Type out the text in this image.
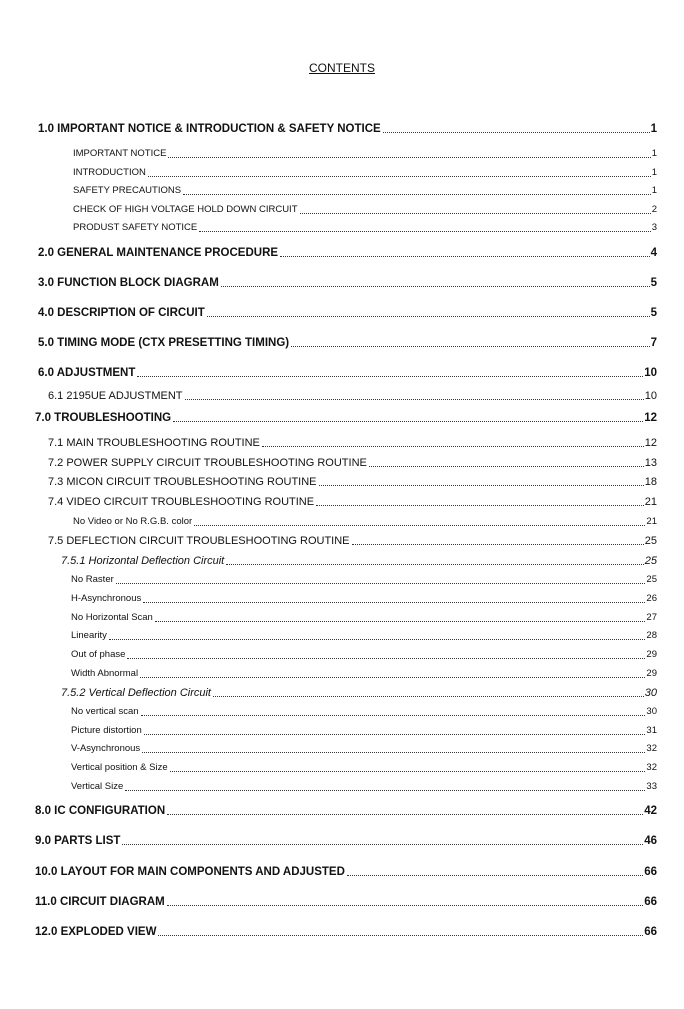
CONTENTS
1.0 IMPORTANT NOTICE & INTRODUCTION & SAFETY NOTICE	1
IMPORTANT NOTICE	1
INTRODUCTION	1
SAFETY PRECAUTIONS	1
CHECK OF HIGH VOLTAGE HOLD DOWN CIRCUIT	2
PRODUST SAFETY NOTICE	3
2.0 GENERAL MAINTENANCE PROCEDURE	4
3.0 FUNCTION BLOCK DIAGRAM	5
4.0 DESCRIPTION OF CIRCUIT	5
5.0 TIMING MODE (CTX PRESETTING TIMING)	7
6.0 ADJUSTMENT	10
6.1 2195UE ADJUSTMENT	10
7.0 TROUBLESHOOTING	12
7.1 MAIN TROUBLESHOOTING ROUTINE	12
7.2 POWER SUPPLY CIRCUIT TROUBLESHOOTING ROUTINE	13
7.3 MICON CIRCUIT TROUBLESHOOTING ROUTINE	18
7.4 VIDEO CIRCUIT TROUBLESHOOTING ROUTINE	21
No Video or No R.G.B. color	21
7.5 DEFLECTION CIRCUIT TROUBLESHOOTING ROUTINE	25
7.5.1 Horizontal Deflection Circuit	25
No Raster	25
H-Asynchronous	26
No Horizontal Scan	27
Linearity	28
Out of phase	29
Width Abnormal	29
7.5.2 Vertical Deflection Circuit	30
No vertical scan	30
Picture distortion	31
V-Asynchronous	32
Vertical position & Size	32
Vertical Size	33
8.0 IC CONFIGURATION	42
9.0 PARTS LIST	46
10.0 LAYOUT FOR MAIN COMPONENTS AND ADJUSTED	66
11.0 CIRCUIT DIAGRAM	66
12.0 EXPLODED VIEW	66
